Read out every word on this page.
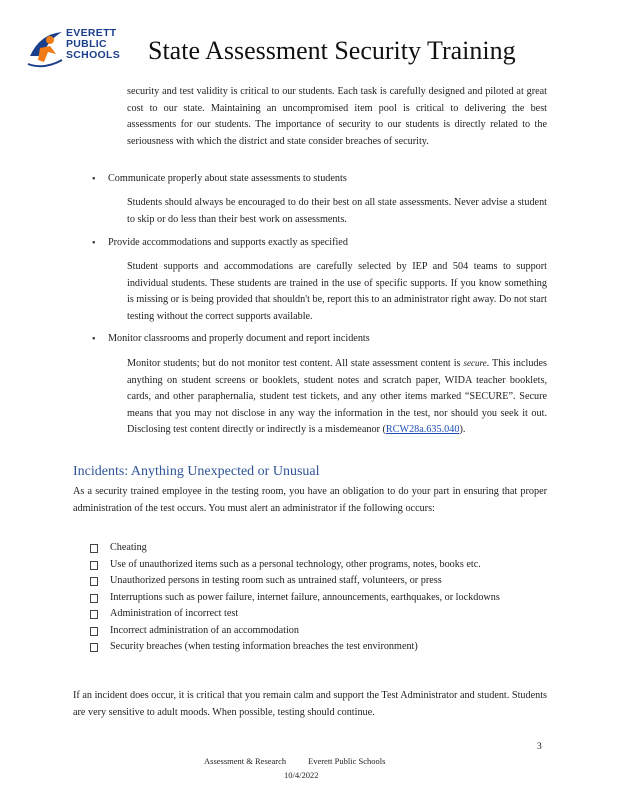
EVERETT
PUBLIC
SCHOOLS State Assessment Security Training
security and test validity is critical to our students. Each task is carefully designed and piloted at great cost to our state. Maintaining an uncompromised item pool is critical to delivering the best assessments for our students. The importance of security to our students is directly related to the seriousness with which the district and state consider breaches of security.
• Communicate properly about state assessments to students
Students should always be encouraged to do their best on all state assessments. Never advise a student to skip or do less than their best work on assessments.
• Provide accommodations and supports exactly as specified
Student supports and accommodations are carefully selected by IEP and 504 teams to support individual students. These students are trained in the use of specific supports. If you know something is missing or is being provided that shouldn't be, report this to an administrator right away. Do not start testing without the correct supports available.
• Monitor classrooms and properly document and report incidents
Monitor students; but do not monitor test content. All state assessment content is secure. This includes anything on student screens or booklets, student notes and scratch paper, WIDA teacher booklets, cards, and other paraphernalia, student test tickets, and any other items marked “SECURE”. Secure means that you may not disclose in any way the information in the test, nor should you seek it out. Disclosing test content directly or indirectly is a misdemeanor (RCW28a.635.040).
Incidents: Anything Unexpected or Unusual
As a security trained employee in the testing room, you have an obligation to do your part in ensuring that proper administration of the test occurs. You must alert an administrator if the following occurs:
Cheating
Use of unauthorized items such as a personal technology, other programs, notes, books etc.
Unauthorized persons in testing room such as untrained staff, volunteers, or press
Interruptions such as power failure, internet failure, announcements, earthquakes, or lockdowns
Administration of incorrect test
Incorrect administration of an accommodation
Security breaches (when testing information breaches the test environment)
If an incident does occur, it is critical that you remain calm and support the Test Administrator and student. Students are very sensitive to adult moods. When possible, testing should continue.
3
Assessment & Research	Everett Public Schools
10/4/2022
